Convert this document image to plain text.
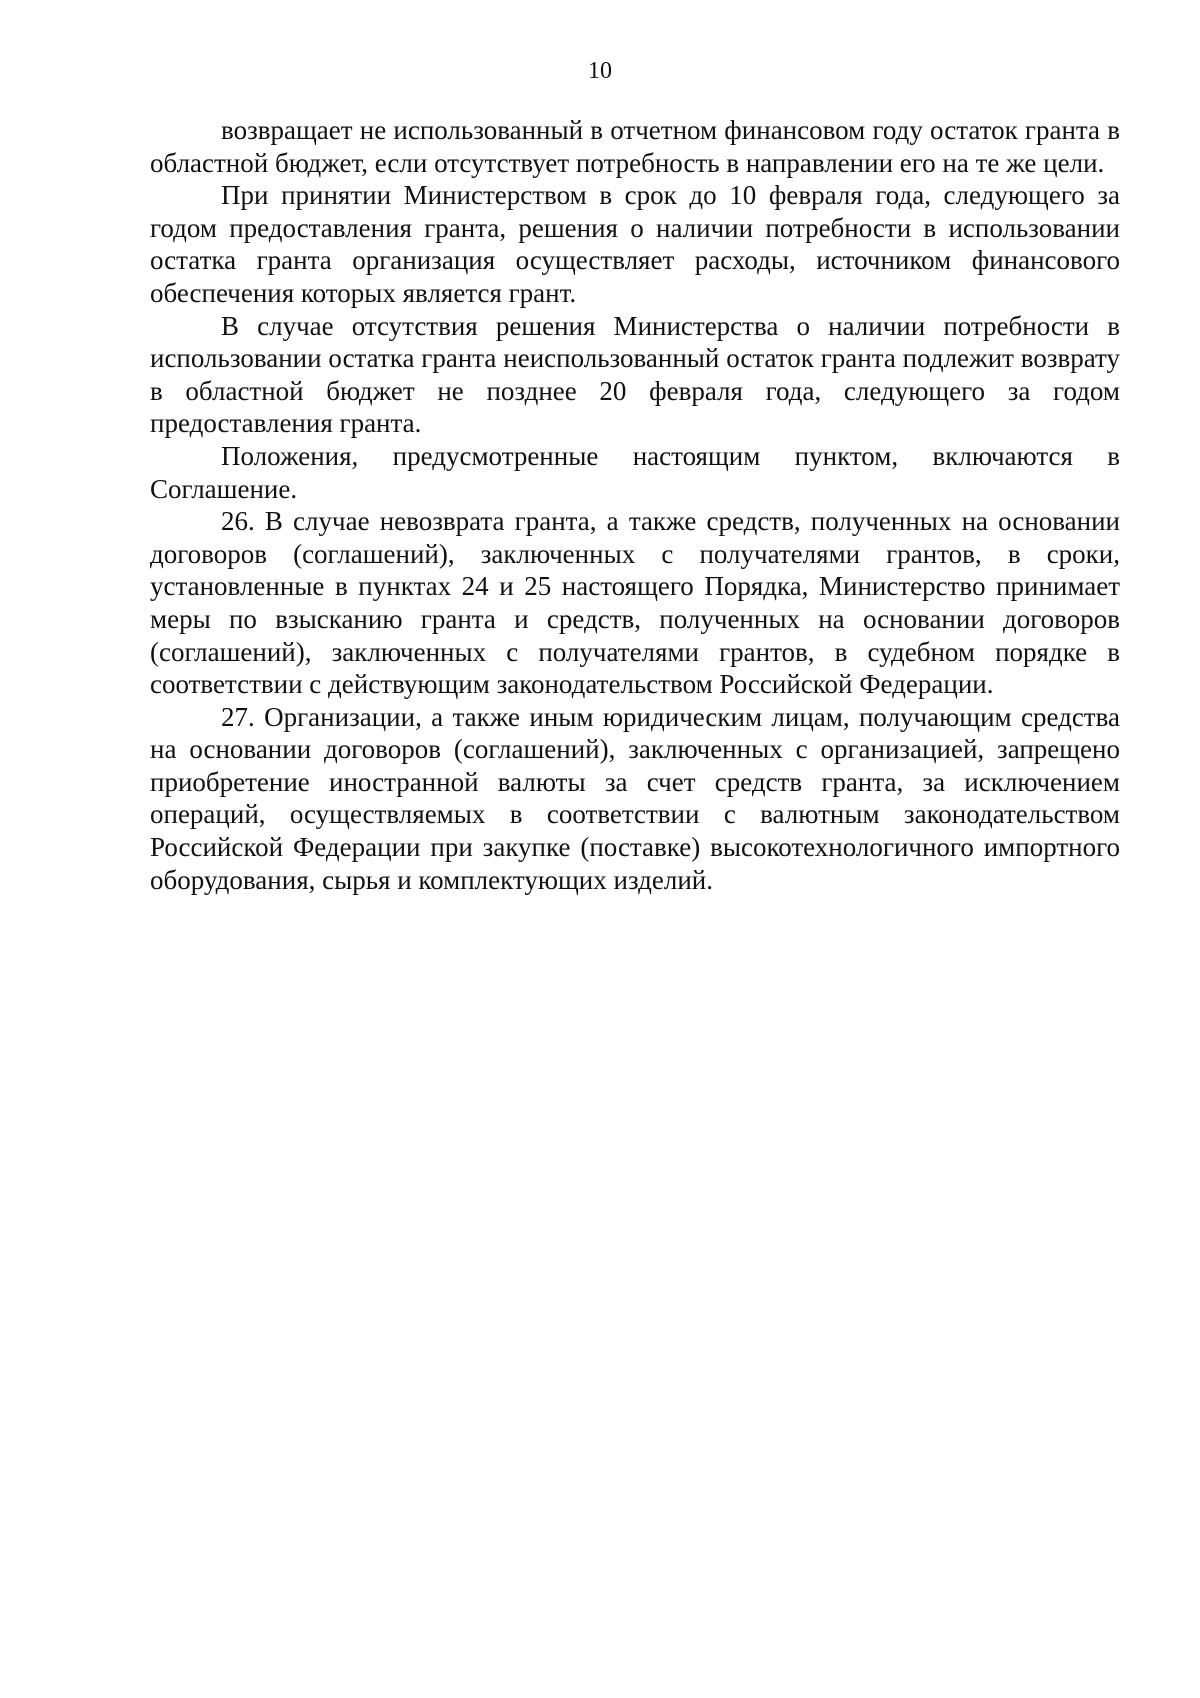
10

возвращает не использованный в отчетном финансовом году остаток гранта в областной бюджет, если отсутствует потребность в направлении его на те же цели.

При принятии Министерством в срок до 10 февраля года, следующего за годом предоставления гранта, решения о наличии потребности в использовании остатка гранта организация осуществляет расходы, источником финансового обеспечения которых является грант.

В случае отсутствия решения Министерства о наличии потребности в использовании остатка гранта неиспользованный остаток гранта подлежит возврату в областной бюджет не позднее 20 февраля года, следующего за годом предоставления гранта.

Положения, предусмотренные настоящим пунктом, включаются в Соглашение.

26. В случае невозврата гранта, а также средств, полученных на основании договоров (соглашений), заключенных с получателями грантов, в сроки, установленные в пунктах 24 и 25 настоящего Порядка, Министерство принимает меры по взысканию гранта и средств, полученных на основании договоров (соглашений), заключенных с получателями грантов, в судебном порядке в соответствии с действующим законодательством Российской Федерации.

27. Организации, а также иным юридическим лицам, получающим средства на основании договоров (соглашений), заключенных с организацией, запрещено приобретение иностранной валюты за счет средств гранта, за исключением операций, осуществляемых в соответствии с валютным законодательством Российской Федерации при закупке (поставке) высокотехнологичного импортного оборудования, сырья и комплектующих изделий.
